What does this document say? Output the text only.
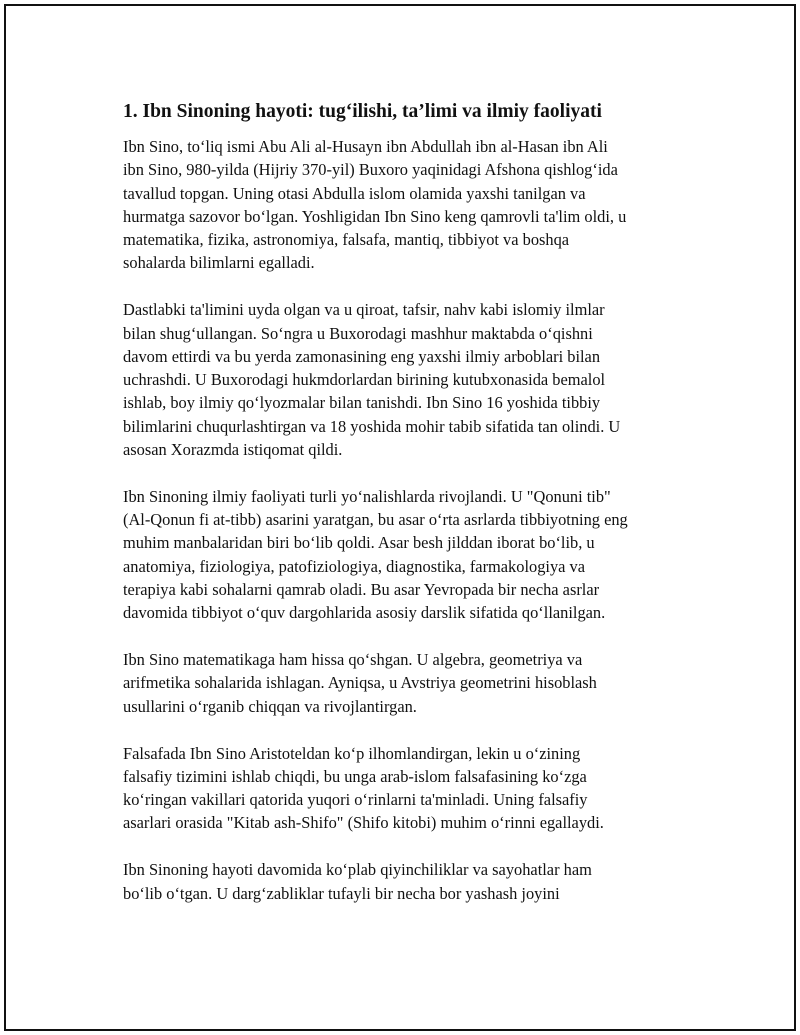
1. Ibn Sinoning hayoti: tug‘ilishi, ta’limi va ilmiy faoliyati

Ibn Sino, to‘liq ismi Abu Ali al-Husayn ibn Abdullah ibn al-Hasan ibn Ali
ibn Sino, 980-yilda (Hijriy 370-yil) Buxoro yaqinidagi Afshona qishlog‘ida
tavallud topgan. Uning otasi Abdulla islom olamida yaxshi tanilgan va
hurmatga sazovor bo‘lgan. Yoshligidan Ibn Sino keng qamrovli ta'lim oldi, u
matematika, fizika, astronomiya, falsafa, mantiq, tibbiyot va boshqa
sohalarda bilimlarni egalladi.

Dastlabki ta'limini uyda olgan va u qiroat, tafsir, nahv kabi islomiy ilmlar
bilan shug‘ullangan. So‘ngra u Buxorodagi mashhur maktabda o‘qishni
davom ettirdi va bu yerda zamonasining eng yaxshi ilmiy arboblari bilan
uchrashdi. U Buxorodagi hukmdorlardan birining kutubxonasida bemalol
ishlab, boy ilmiy qo‘lyozmalar bilan tanishdi. Ibn Sino 16 yoshida tibbiy
bilimlarini chuqurlashtirgan va 18 yoshida mohir tabib sifatida tan olindi. U
asosan Xorazmda istiqomat qildi.

Ibn Sinoning ilmiy faoliyati turli yo‘nalishlarda rivojlandi. U "Qonuni tib"
(Al-Qonun fi at-tibb) asarini yaratgan, bu asar o‘rta asrlarda tibbiyotning eng
muhim manbalaridan biri bo‘lib qoldi. Asar besh jilddan iborat bo‘lib, u
anatomiya, fiziologiya, patofiziologiya, diagnostika, farmakologiya va
terapiya kabi sohalarni qamrab oladi. Bu asar Yevropada bir necha asrlar
davomida tibbiyot o‘quv dargohlarida asosiy darslik sifatida qo‘llanilgan.

Ibn Sino matematikaga ham hissa qo‘shgan. U algebra, geometriya va
arifmetika sohalarida ishlagan. Ayniqsa, u Avstriya geometrini hisoblash
usullarini o‘rganib chiqqan va rivojlantirgan.

Falsafada Ibn Sino Aristoteldan ko‘p ilhomlandirgan, lekin u o‘zining
falsafiy tizimini ishlab chiqdi, bu unga arab-islom falsafasining ko‘zga
ko‘ringan vakillari qatorida yuqori o‘rinlarni ta'minladi. Uning falsafiy
asarlari orasida "Kitab ash-Shifo" (Shifo kitobi) muhim o‘rinni egallaydi.

Ibn Sinoning hayoti davomida ko‘plab qiyinchiliklar va sayohatlar ham
bo‘lib o‘tgan. U darg‘zabliklar tufayli bir necha bor yashash joyini
